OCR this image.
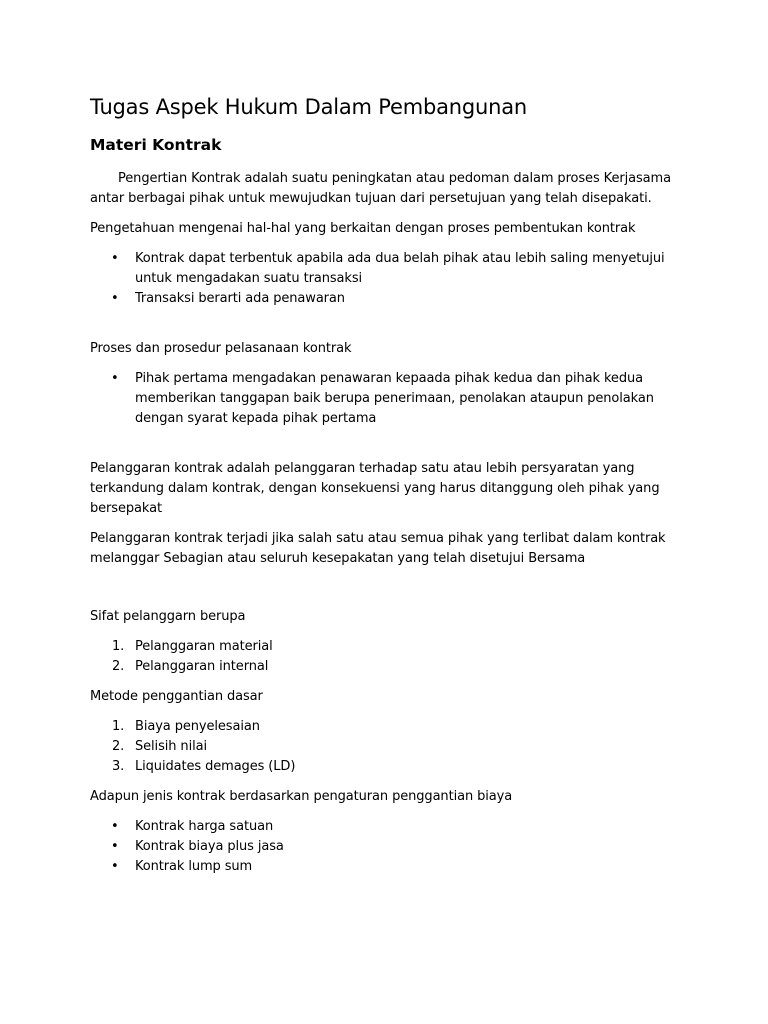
Tugas Aspek Hukum Dalam Pembangunan
Materi Kontrak

Pengertian Kontrak adalah suatu peningkatan atau pedoman dalam proses Kerjasama antar berbagai pihak untuk mewujudkan tujuan dari persetujuan yang telah disepakati.

Pengetahuan mengenai hal-hal yang berkaitan dengan proses pembentukan kontrak

• Kontrak dapat terbentuk apabila ada dua belah pihak atau lebih saling menyetujui untuk mengadakan suatu transaksi
• Transaksi berarti ada penawaran

Proses dan prosedur pelasanaan kontrak

• Pihak pertama mengadakan penawaran kepaada pihak kedua dan pihak kedua memberikan tanggapan baik berupa penerimaan, penolakan ataupun penolakan dengan syarat kepada pihak pertama

Pelanggaran kontrak adalah pelanggaran terhadap satu atau lebih persyaratan yang terkandung dalam kontrak, dengan konsekuensi yang harus ditanggung oleh pihak yang bersepakat

Pelanggaran kontrak terjadi jika salah satu atau semua pihak yang terlibat dalam kontrak melanggar Sebagian atau seluruh kesepakatan yang telah disetujui Bersama

Sifat pelanggarn berupa

1. Pelanggaran material
2. Pelanggaran internal

Metode penggantian dasar

1. Biaya penyelesaian
2. Selisih nilai
3. Liquidates demages (LD)

Adapun jenis kontrak berdasarkan pengaturan penggantian biaya

• Kontrak harga satuan
• Kontrak biaya plus jasa
• Kontrak lump sum
